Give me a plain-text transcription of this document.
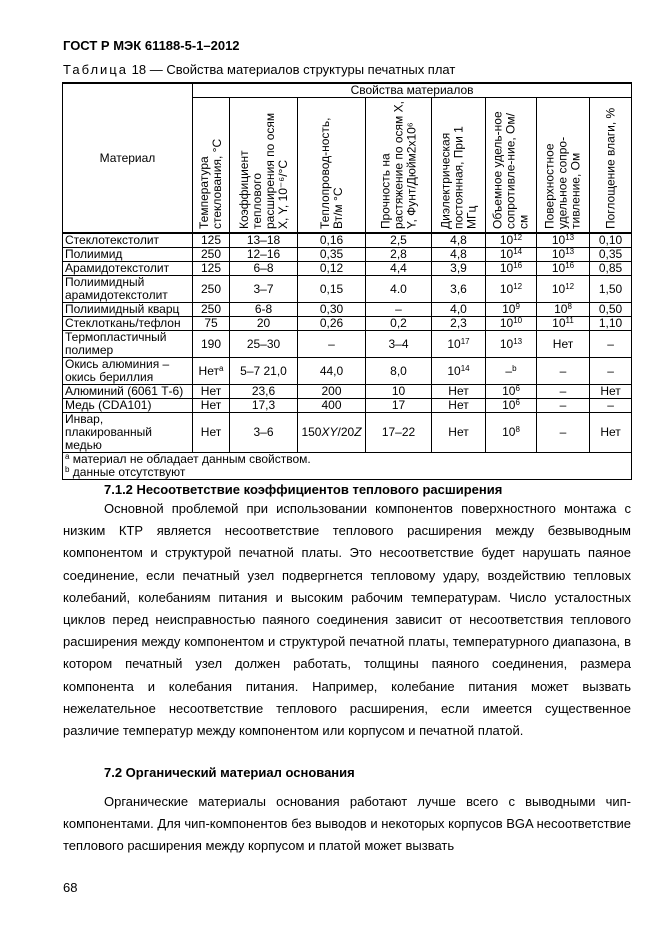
ГОСТ Р МЭК 61188-5-1–2012
Таблица 18 — Свойства материалов структуры печатных плат
Материал	Свойства материалов							

	Температура стеклования, °С	Коэффициент теплового расширения по осям X, Y, 10⁻⁶/°С	Теплопровод-ность, Вт/м °С	Прочность на растяжение по осям X, Y, Фунт/Дюйм2x10⁶	Диэлектрическая постоянная, При 1 МГц	Объемное удель-ное сопротивле-ние, Ом/см	Поверхностное удельное сопро-тивление, Ом	Поглощение влаги, %

Стеклотекстолит	125	13–18	0,16	2,5	4,8	$10^{12}$	$10^{13}$	0,10
Полиимид	250	12–16	0,35	2,8	4,8	$10^{14}$	$10^{13}$	0,35
Арамидотекстолит	125	6–8	0,12	4,4	3,9	$10^{16}$	$10^{16}$	0,85
Полиимидный арамидотекстолит	250	3–7	0,15	4.0	3,6	$10^{12}$	$10^{12}$	1,50
Полиимидный кварц	250	6-8	0,30	–	4,0	$10^9$	$10^8$	0,50
Стеклоткань/тефлон	75	20	0,26	0,2	2,3	$10^{10}$	$10^{11}$	1,10
Термопластичный полимер	190	25–30	–	3–4	$10^{17}$	$10^{13}$	Нет	–
Окись алюминия – окись бериллия	Нет$^а$	5–7 21,0	44,0	8,0	$10^{14}$	–$^b$	–	–
Алюминий (6061 Т-6)	Нет	23,6	200	10	Нет	$10^6$	–	Нет
Медь (CDA101)	Нет	17,3	400	17	Нет	$10^6$	–	–
Инвар, плакированный медью	Нет	3–6	150XY/20Z	17–22	Нет	$10^8$	–	Нет

$^а$ материал не обладает данным свойством.
$^b$ данные отсутствуют								
7.1.2 Несоответствие коэффициентов теплового расширения

Основной проблемой при использовании компонентов поверхностного монтажа с низким КТР является несоответствие теплового расширения между безвыводным компонентом и структурой печатной платы. Это несоответствие будет нарушать паяное соединение, если печатный узел подвергнется тепловому удару, воздействию тепловых колебаний, колебаниям питания и высоким рабочим температурам. Число усталостных циклов перед неисправностью паяного соединения зависит от несоответствия теплового расширения между компонентом и структурой печатной платы, температурного диапазона, в котором печатный узел должен работать, толщины паяного соединения, размера компонента и колебания питания. Например, колебание питания может вызвать нежелательное несоответствие теплового расширения, если имеется существенное различие температур между компонентом или корпусом и печатной платой.

7.2 Органический материал основания

Органические материалы основания работают лучше всего с выводными чип-компонентами. Для чип-компонентов без выводов и некоторых корпусов BGA несоответствие теплового расширения между корпусом и платой может вызвать

68
